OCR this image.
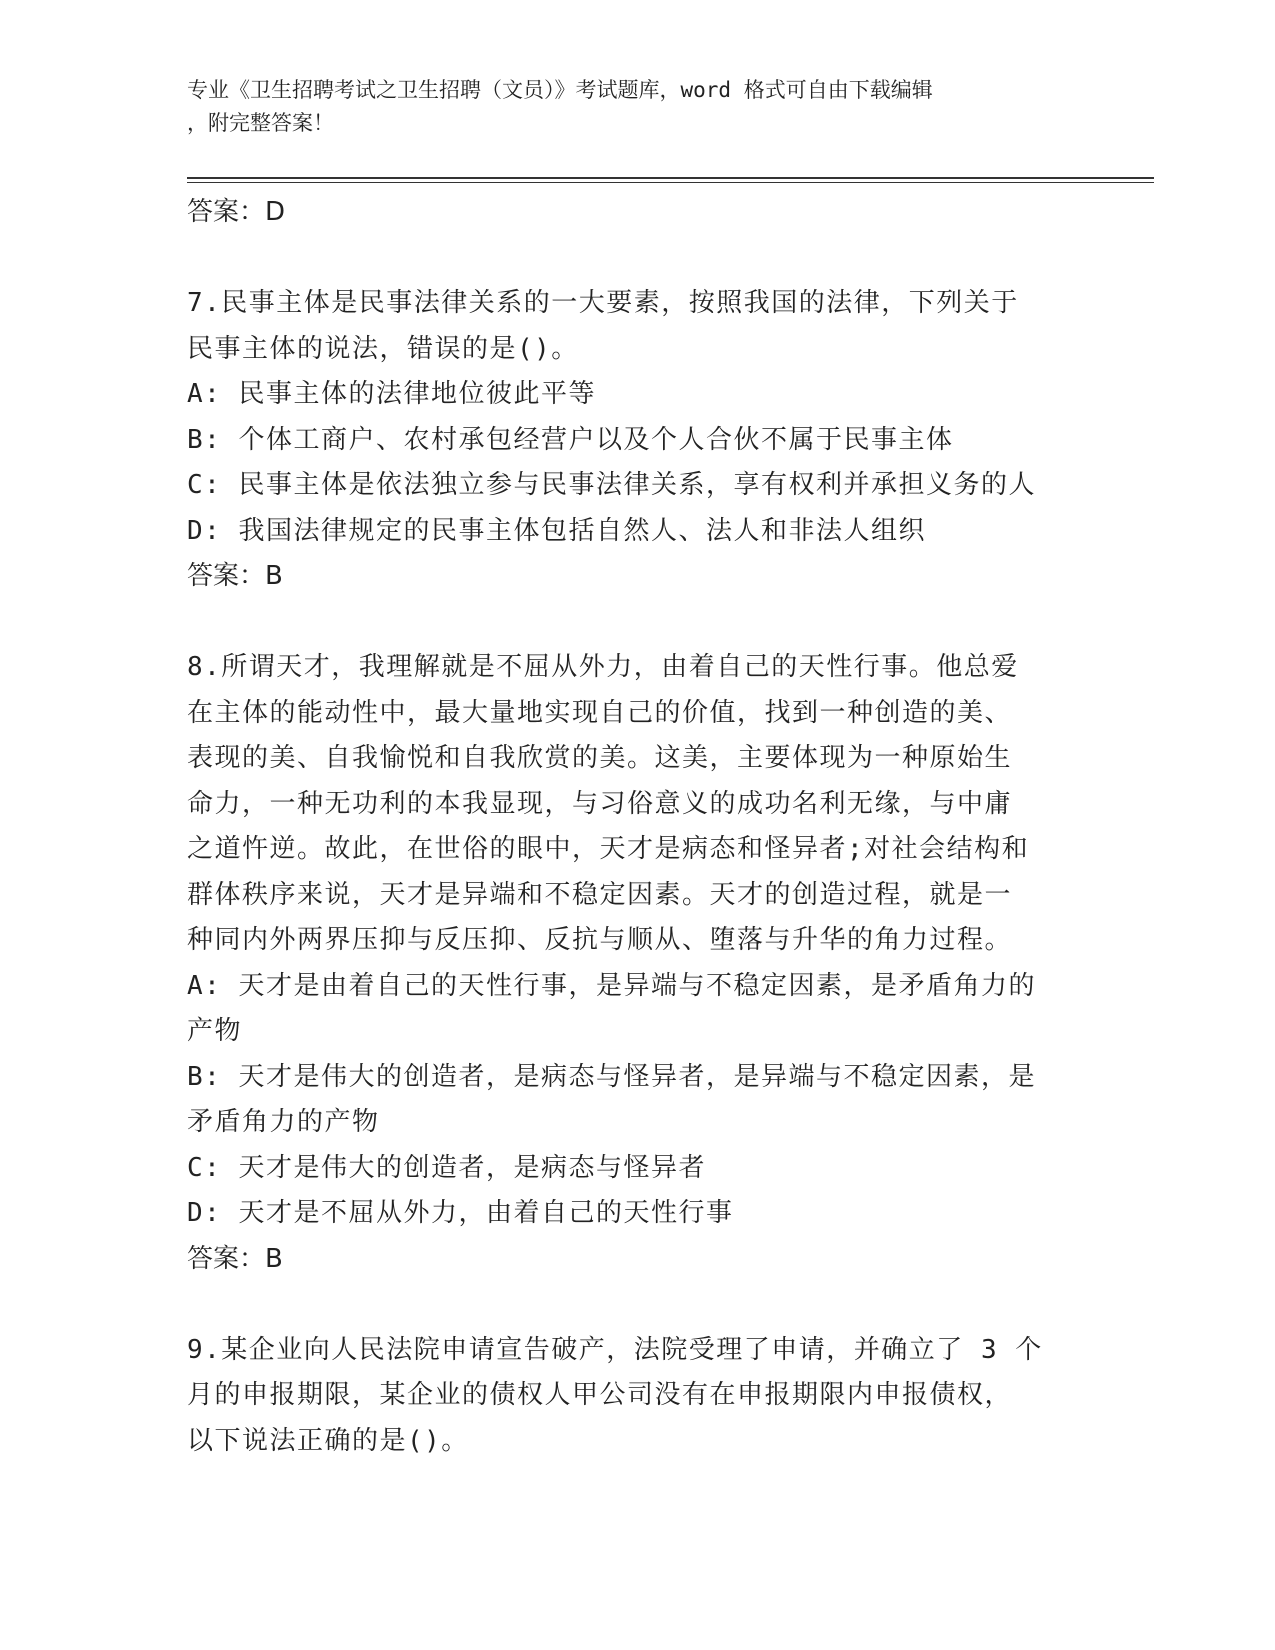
专业《卫生招聘考试之卫生招聘（文员）》考试题库，word 格式可自由下载编辑
，附完整答案！
答案：D
7.民事主体是民事法律关系的一大要素，按照我国的法律，下列关于
民事主体的说法，错误的是()。
A: 民事主体的法律地位彼此平等
B: 个体工商户、农村承包经营户以及个人合伙不属于民事主体
C: 民事主体是依法独立参与民事法律关系，享有权利并承担义务的人
D: 我国法律规定的民事主体包括自然人、法人和非法人组织
答案：B
8.所谓天才，我理解就是不屈从外力，由着自己的天性行事。他总爱
在主体的能动性中，最大量地实现自己的价值，找到一种创造的美、
表现的美、自我愉悦和自我欣赏的美。这美，主要体现为一种原始生
命力，一种无功利的本我显现，与习俗意义的成功名利无缘，与中庸
之道忤逆。故此，在世俗的眼中，天才是病态和怪异者;对社会结构和
群体秩序来说，天才是异端和不稳定因素。天才的创造过程，就是一
种同内外两界压抑与反压抑、反抗与顺从、堕落与升华的角力过程。
A: 天才是由着自己的天性行事，是异端与不稳定因素，是矛盾角力的
产物
B: 天才是伟大的创造者，是病态与怪异者，是异端与不稳定因素，是
矛盾角力的产物
C: 天才是伟大的创造者，是病态与怪异者
D: 天才是不屈从外力，由着自己的天性行事
答案：B
9.某企业向人民法院申请宣告破产，法院受理了申请，并确立了 3 个
月的申报期限，某企业的债权人甲公司没有在申报期限内申报债权，
以下说法正确的是()。
